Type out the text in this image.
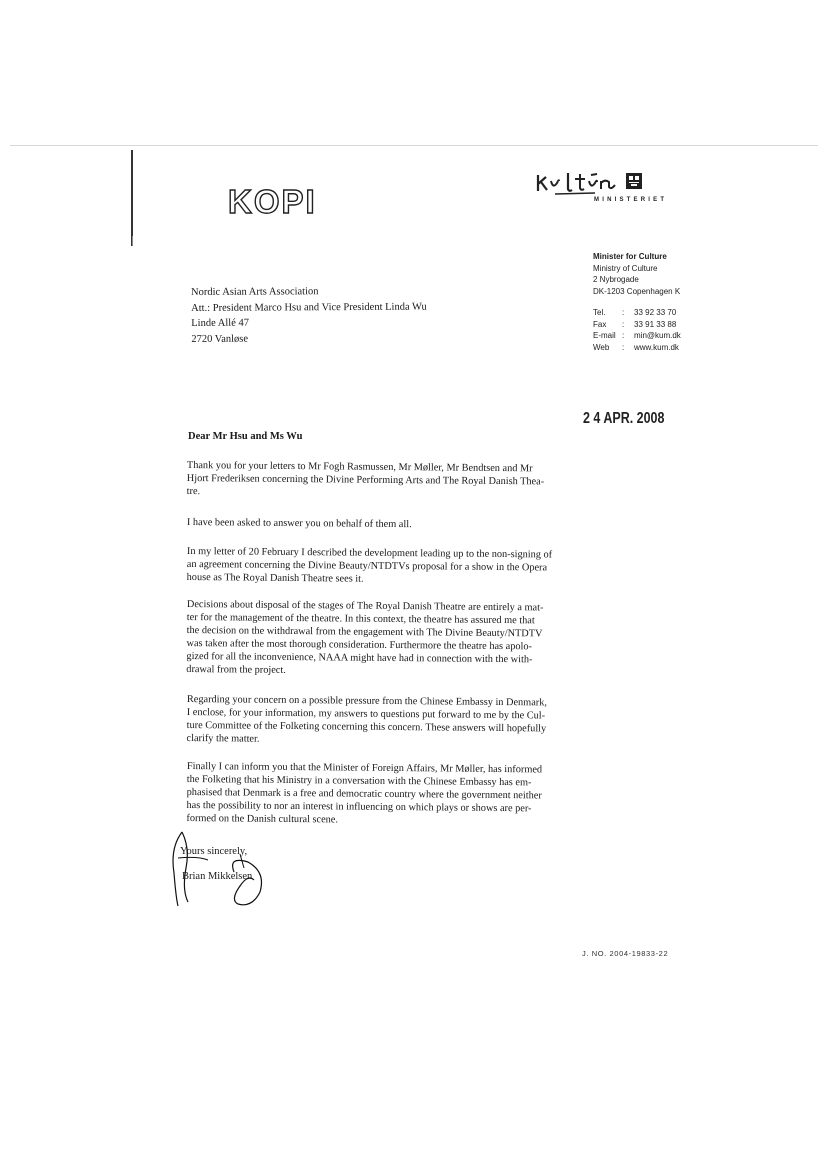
KOPI	MINISTERIET
Minister for Culture
Ministry of Culture
2 Nybrogade
DK-1203 Copenhagen K
Tel.	:	33 92 33 70
Fax	:	33 91 33 88
E-mail :	min@kum.dk
Web	:	www.kum.dk
Nordic Asian Arts Association
Att.: President Marco Hsu and Vice President Linda Wu
Linde Allé 47
2720 Vanløse
2 4 APR. 2008
Dear Mr Hsu and Ms Wu
Thank you for your letters to Mr Fogh Rasmussen, Mr Møller, Mr Bendtsen and Mr
Hjort Frederiksen concerning the Divine Performing Arts and The Royal Danish Thea-
tre.
I have been asked to answer you on behalf of them all.
In my letter of 20 February I described the development leading up to the non-signing of
an agreement concerning the Divine Beauty/NTDTVs proposal for a show in the Opera
house as The Royal Danish Theatre sees it.
Decisions about disposal of the stages of The Royal Danish Theatre are entirely a mat-
ter for the management of the theatre. In this context, the theatre has assured me that
the decision on the withdrawal from the engagement with The Divine Beauty/NTDTV
was taken after the most thorough consideration. Furthermore the theatre has apolo-
gized for all the inconvenience, NAAA might have had in connection with the with-
drawal from the project.
Regarding your concern on a possible pressure from the Chinese Embassy in Denmark,
I enclose, for your information, my answers to questions put forward to me by the Cul-
ture Committee of the Folketing concerning this concern. These answers will hopefully
clarify the matter.
Finally I can inform you that the Minister of Foreign Affairs, Mr Møller, has informed
the Folketing that his Ministry in a conversation with the Chinese Embassy has em-
phasised that Denmark is a free and democratic country where the government neither
has the possibility to nor an interest in influencing on which plays or shows are per-
formed on the Danish cultural scene.
Yours sincerely,
Brian Mikkelsen
J. NO. 2004-19833-22
